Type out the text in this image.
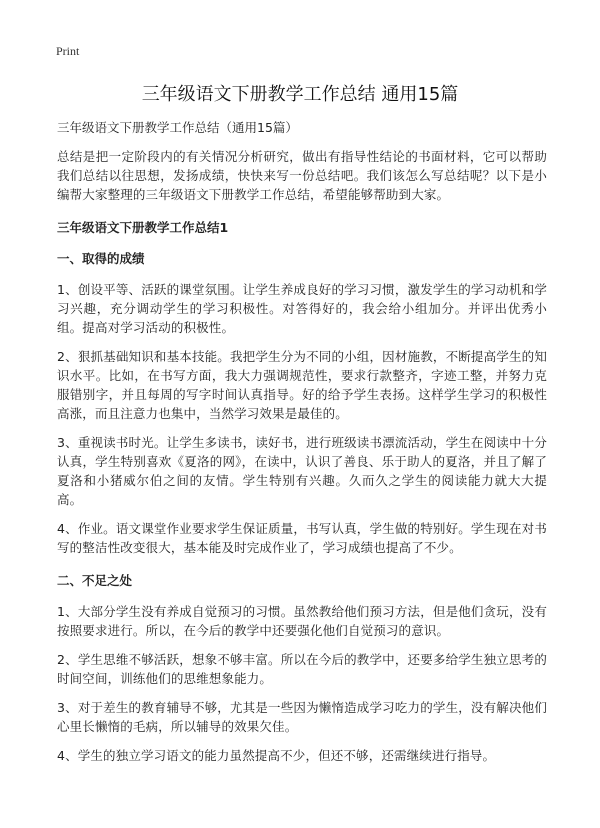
Print
三年级语文下册教学工作总结 通用15篇

三年级语文下册教学工作总结（通用15篇）

总结是把一定阶段内的有关情况分析研究，做出有指导性结论的书面材料，它可以帮助我们总结以往思想，发扬成绩，快快来写一份总结吧。我们该怎么写总结呢？以下是小编帮大家整理的三年级语文下册教学工作总结，希望能够帮助到大家。

三年级语文下册教学工作总结1

一、取得的成绩

1、创设平等、活跃的课堂氛围。让学生养成良好的学习习惯，激发学生的学习动机和学习兴趣，充分调动学生的学习积极性。对答得好的，我会给小组加分。并评出优秀小组。提高对学习活动的积极性。

2、狠抓基础知识和基本技能。我把学生分为不同的小组，因材施教，不断提高学生的知识水平。比如，在书写方面，我大力强调规范性，要求行款整齐，字迹工整，并努力克服错别字，并且每周的写字时间认真指导。好的给予学生表扬。这样学生学习的积极性高涨，而且注意力也集中，当然学习效果是最佳的。

3、重视读书时光。让学生多读书，读好书，进行班级读书漂流活动，学生在阅读中十分认真，学生特别喜欢《夏洛的网》，在读中，认识了善良、乐于助人的夏洛，并且了解了夏洛和小猪威尔伯之间的友情。学生特别有兴趣。久而久之学生的阅读能力就大大提高。

4、作业。语文课堂作业要求学生保证质量，书写认真，学生做的特别好。学生现在对书写的整洁性改变很大，基本能及时完成作业了，学习成绩也提高了不少。

二、不足之处

1、大部分学生没有养成自觉预习的习惯。虽然教给他们预习方法，但是他们贪玩，没有按照要求进行。所以，在今后的教学中还要强化他们自觉预习的意识。

2、学生思维不够活跃，想象不够丰富。所以在今后的教学中，还要多给学生独立思考的时间空间，训练他们的思维想象能力。

3、对于差生的教育辅导不够，尤其是一些因为懒惰造成学习吃力的学生，没有解决他们心里长懒惰的毛病，所以辅导的效果欠佳。

4、学生的独立学习语文的能力虽然提高不少，但还不够，还需继续进行指导。
